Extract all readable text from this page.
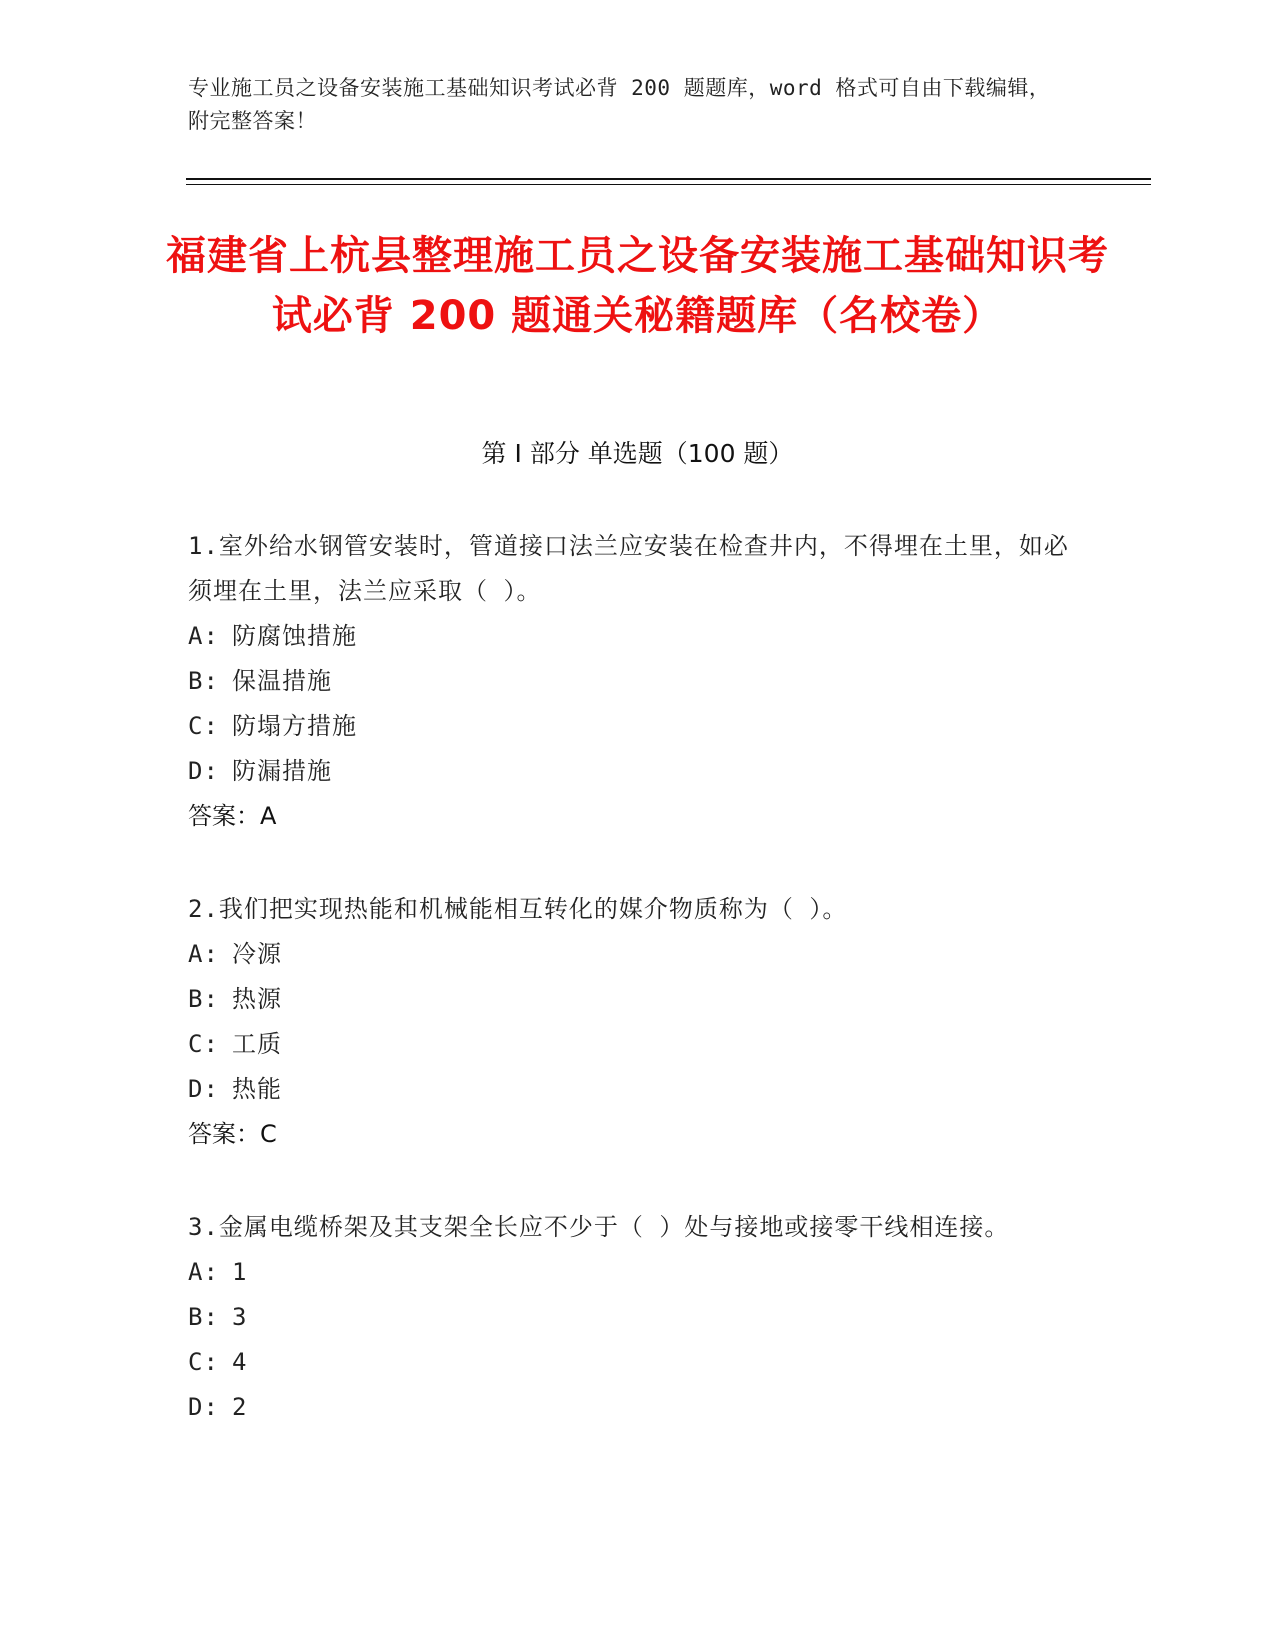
专业施工员之设备安装施工基础知识考试必背 200 题题库，word 格式可自由下载编辑，附完整答案！
福建省上杭县整理施工员之设备安装施工基础知识考试必背 200 题通关秘籍题库（名校卷）
第 I 部分 单选题（100 题）
1.室外给水钢管安装时，管道接口法兰应安装在检查井内，不得埋在土里，如必须埋在土里，法兰应采取（ ）。
A: 防腐蚀措施
B: 保温措施
C: 防塌方措施
D: 防漏措施
答案：A
2.我们把实现热能和机械能相互转化的媒介物质称为（ ）。
A: 冷源
B: 热源
C: 工质
D: 热能
答案：C
3.金属电缆桥架及其支架全长应不少于（ ）处与接地或接零干线相连接。
A: 1
B: 3
C: 4
D: 2
